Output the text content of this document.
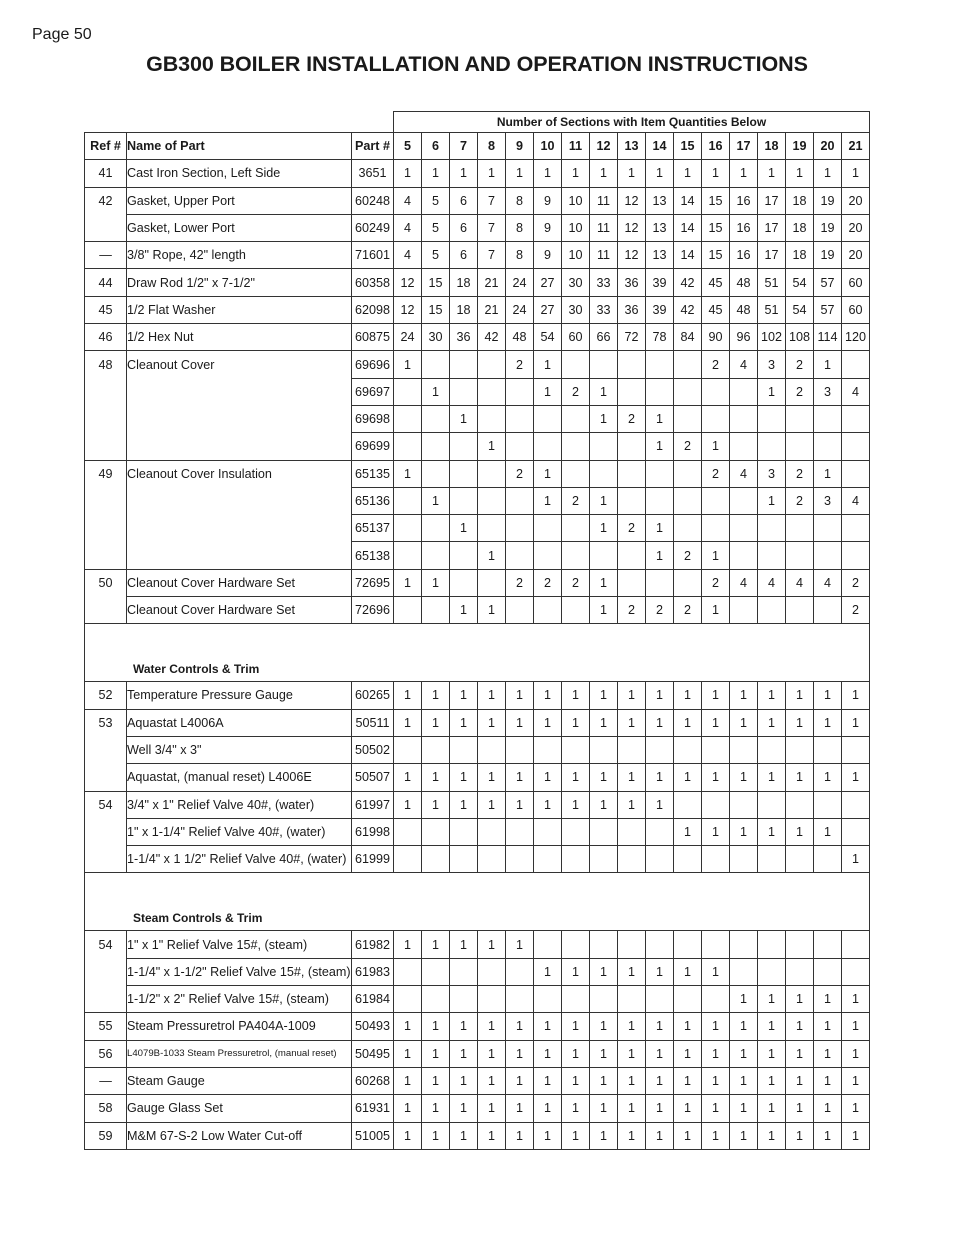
Page 50
GB300 BOILER INSTALLATION AND OPERATION INSTRUCTIONS
			Number of Sections with Item Quantities Below																
Ref #	Name of Part	Part #	5	6	7	8	9	10	11	12	13	14	15	16	17	18	19	20	21
41	Cast Iron Section, Left Side	3651	1	1	1	1	1	1	1	1	1	1	1	1	1	1	1	1	1
42	Gasket, Upper Port	60248	4	5	6	7	8	9	10	11	12	13	14	15	16	17	18	19	20
	Gasket, Lower Port	60249	4	5	6	7	8	9	10	11	12	13	14	15	16	17	18	19	20
—	3/8" Rope, 42" length	71601	4	5	6	7	8	9	10	11	12	13	14	15	16	17	18	19	20
44	Draw Rod 1/2" x 7-1/2"	60358	12	15	18	21	24	27	30	33	36	39	42	45	48	51	54	57	60
45	1/2 Flat Washer	62098	12	15	18	21	24	27	30	33	36	39	42	45	48	51	54	57	60
46	1/2 Hex Nut	60875	24	30	36	42	48	54	60	66	72	78	84	90	96	102	108	114	120
48	Cleanout Cover	69696	1				2	1						2	4	3	2	1	
		69697		1				1	2	1						1	2	3	4
		69698			1					1	2	1							
		69699				1						1	2	1					
49	Cleanout Cover Insulation	65135	1				2	1						2	4	3	2	1	
		65136		1				1	2	1						1	2	3	4
		65137			1					1	2	1							
		65138				1						1	2	1					
50	Cleanout Cover Hardware Set	72695	1	1			2	2	2	1				2	4	4	4	4	2
	Cleanout Cover Hardware Set	72696			1	1				1	2	2	2	1					2
Water Controls & Trim																			
52	Temperature Pressure Gauge	60265	1	1	1	1	1	1	1	1	1	1	1	1	1	1	1	1	1
53	Aquastat L4006A	50511	1	1	1	1	1	1	1	1	1	1	1	1	1	1	1	1	1
	Well 3/4" x 3"	50502																	
	Aquastat, (manual reset) L4006E	50507	1	1	1	1	1	1	1	1	1	1	1	1	1	1	1	1	1
54	3/4" x 1" Relief Valve 40#, (water)	61997	1	1	1	1	1	1	1	1	1	1							
	1" x 1-1/4" Relief Valve 40#, (water)	61998											1	1	1	1	1	1	
	1-1/4" x 1 1/2" Relief Valve 40#, (water)	61999																	1
Steam Controls & Trim																			
54	1" x 1" Relief Valve 15#, (steam)	61982	1	1	1	1	1												
	1-1/4" x 1-1/2" Relief Valve 15#, (steam)	61983						1	1	1	1	1	1	1					
	1-1/2" x 2" Relief Valve 15#, (steam)	61984													1	1	1	1	1
55	Steam Pressuretrol PA404A-1009	50493	1	1	1	1	1	1	1	1	1	1	1	1	1	1	1	1	1
56	L4079B-1033 Steam Pressuretrol, (manual reset)	50495	1	1	1	1	1	1	1	1	1	1	1	1	1	1	1	1	1
—	Steam Gauge	60268	1	1	1	1	1	1	1	1	1	1	1	1	1	1	1	1	1
58	Gauge Glass Set	61931	1	1	1	1	1	1	1	1	1	1	1	1	1	1	1	1	1
59	M&M 67-S-2 Low Water Cut-off	51005	1	1	1	1	1	1	1	1	1	1	1	1	1	1	1	1	1
